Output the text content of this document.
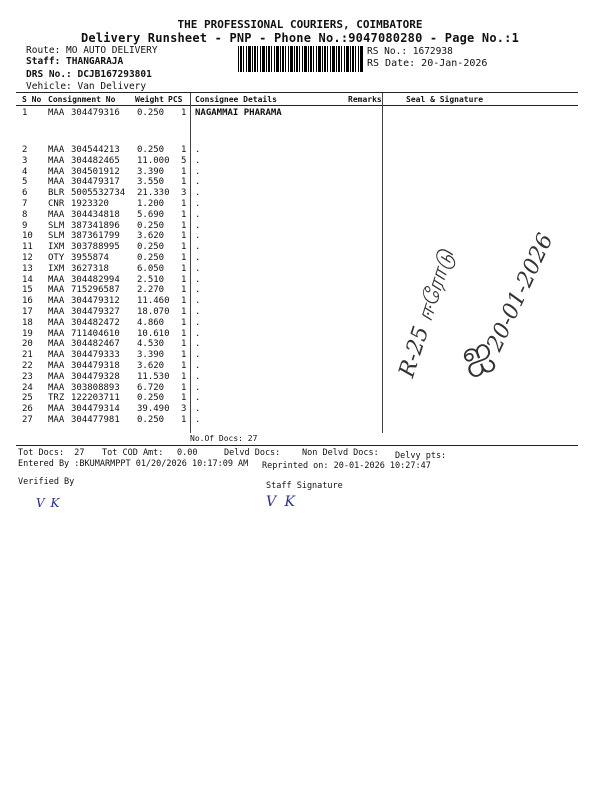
THE PROFESSIONAL COURIERS, COIMBATORE
Delivery Runsheet - PNP - Phone No.:9047080280 - Page No.:1
Route: MO AUTO DELIVERY
Staff: THANGARAJA
DRS No.: DCJB167293801
Vehicle: Van Delivery
RS No.: 1672938
RS Date: 20-Jan-2026
S No Consignment No Weight PCS Consignee Details	Remarks	Seal & Signature
1 MAA 304479316 0.250 1 NAGAMMAI PHARAMA
2 MAA 304544213 0.250 1 .
3 MAA 304482465 11.000 5 .
4 MAA 304501912 3.390 1 .
5 MAA 304479317 3.550 1 .
6 BLR 5005532734 21.330 3 .
7 CNR 1923320	1.200 1 .
8 MAA 304434818 5.690 1 .
9 SLM 387341896 0.250 1 .
10 SLM 387361799 3.620 1 .
11 IXM 303788995 0.250 1 .
12 OTY 3955874	0.250 1 .
13 IXM 3627318	6.050 1 .
14 MAA 304482994 2.510 1 .
15 MAA 715296587 2.270 1 .
16 MAA 304479312 11.460 1 .
17 MAA 304479327 18.070 1 .
18 MAA 304482472 4.860 1 .
19 MAA 711404610 10.610 1 .
20 MAA 304482467 4.530 1 .
21 MAA 304479333 3.390 1 .
22 MAA 304479318 3.620 1 .
23 MAA 304479328 11.530 1 .
24 MAA 303808893 6.720 1 .
25 TRZ 122203711 0.250 1 .
26 MAA 304479314 39.490 3 .
27 MAA 304477981 0.250 1 .
No.Of Docs: 27
Tot Docs:  27 Tot COD Amt: 0.00	Delvd Docs:	Non Delvd Docs: Delvy pts:
Entered By :BKUMARMPPT 01/20/2026 10:17:09 AM Reprinted on: 20-01-2026 10:27:47
Verified By	Staff Signature
V K	V K
R-25 ஈரோடு 20-01-2026
ஐ
